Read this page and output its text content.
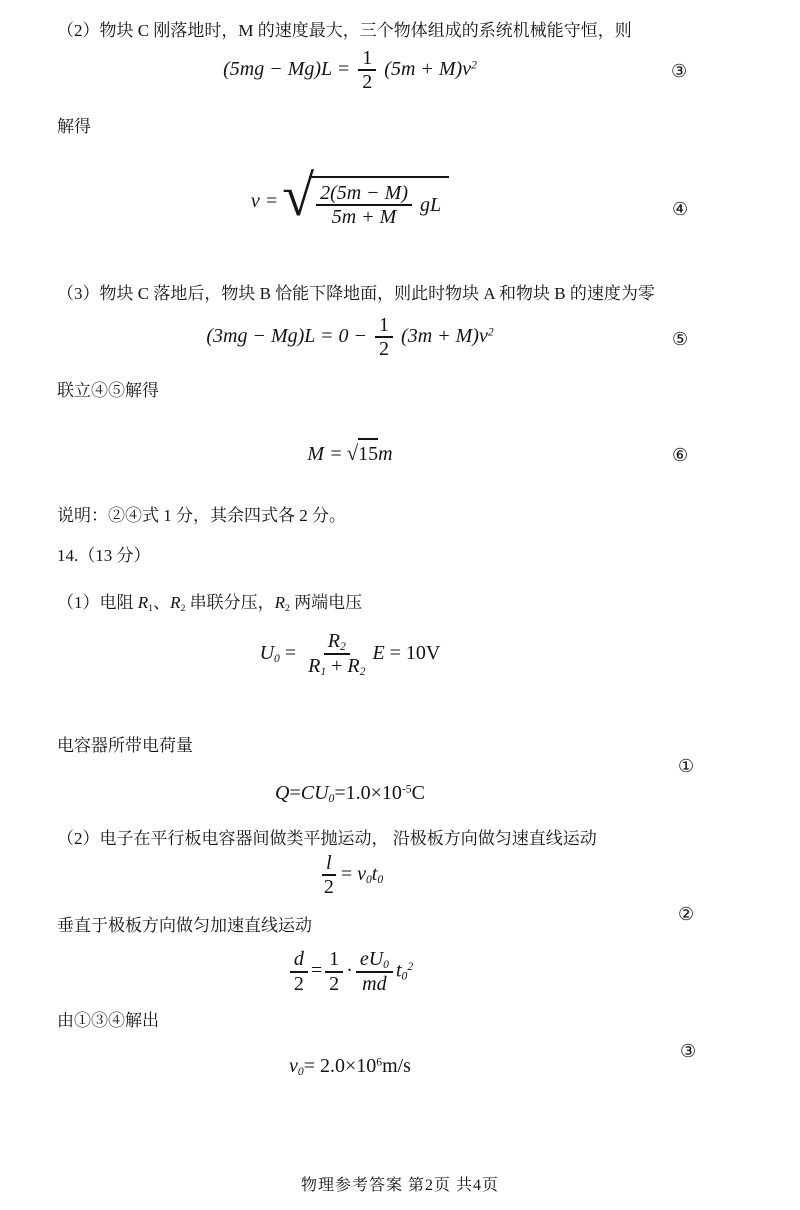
（2）物块 C 刚落地时，M 的速度最大，三个物体组成的系统机械能守恒，则
$(5mg - Mg)L = \frac{1}{2} (5m + M)v^2$	③
解得
v = √ $\frac{2(5m - M)}{5m + M}$ gL	④
（3）物块 C 落地后，物块 B 恰能下降地面，则此时物块 A 和物块 B 的速度为零
$(3mg - Mg)L = 0 - \frac{1}{2} (3m + M)v^2$	⑤
联立④⑤解得
M = √15m	⑥
说明：②④式 1 分，其余四式各 2 分。
14.（13 分）
（1）电阻 $R_1$、$R_2$ 串联分压，$R_2$ 两端电压
$U_0 = \frac{R_2}{R_1 + R_2}$ E = 10V
电容器所带电荷量
①
$Q=CU_0=1.0\times 10^{-5}C$
（2）电子在平行板电容器间做类平抛运动， 沿极板方向做匀速直线运动
$\frac{l}{2} = v_0t_0$
②
垂直于极板方向做匀加速直线运动
$\frac{d}{2} = \frac{1}{2} \cdot \frac{eU_0}{md} t_0^2$
由①③④解出
③
$v_0= 2.0\times 10^6m/s$
物理参考答案 第2页 共4页
